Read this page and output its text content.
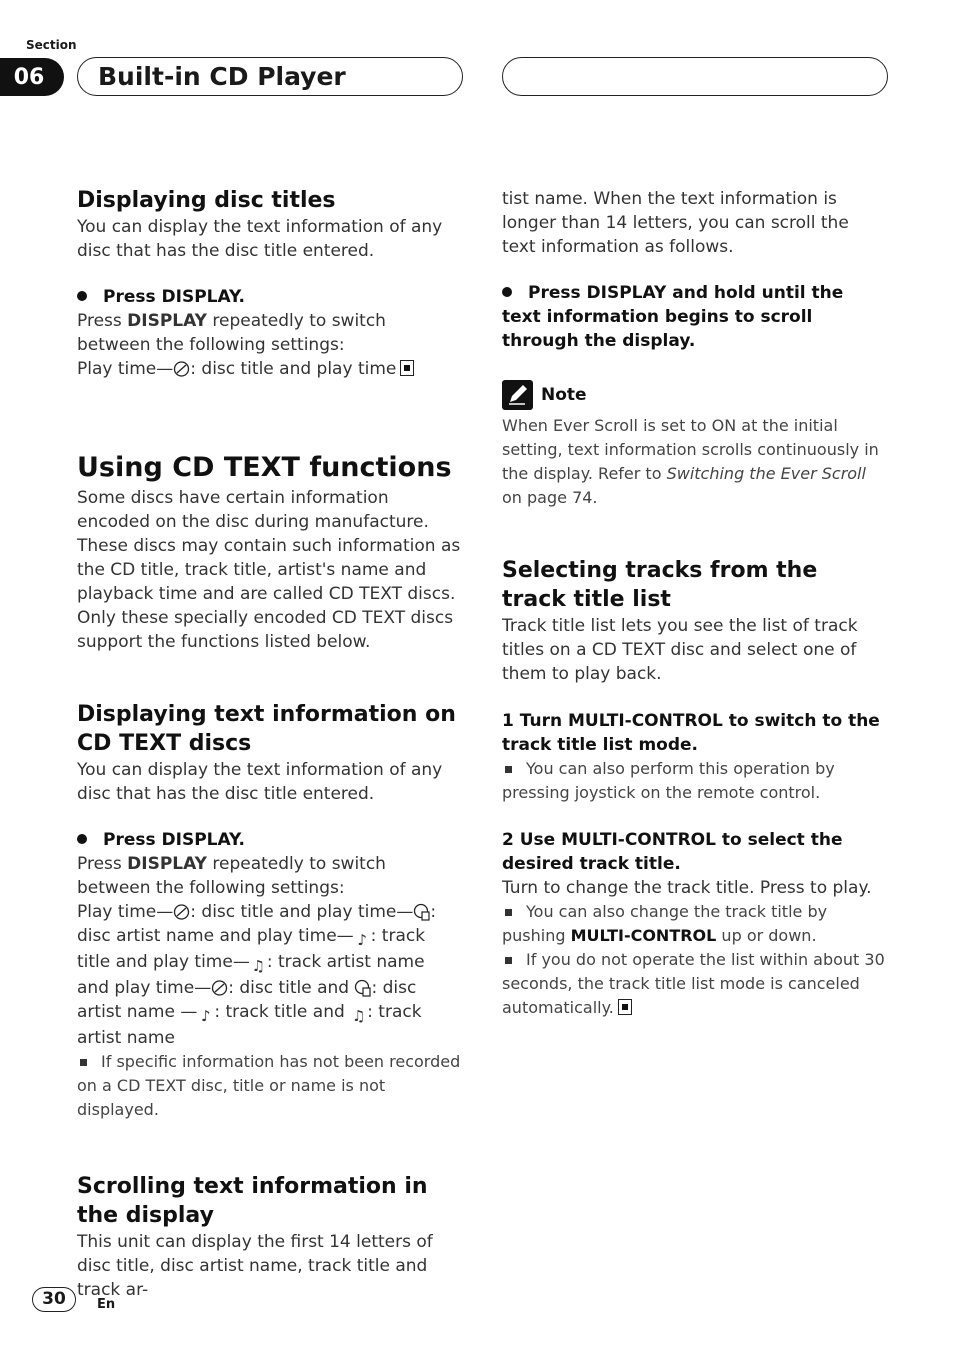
Section
06	Built-in CD Player
Displaying disc titles

You can display the text information of any disc that has the disc title entered.

Press DISPLAY.

Press DISPLAY repeatedly to switch between the following settings:

Play time— : disc title and play time

Using CD TEXT functions

Some discs have certain information encoded on the disc during manufacture. These discs may contain such information as the CD title, track title, artist's name and playback time and are called CD TEXT discs. Only these specially encoded CD TEXT discs support the functions listed below.

Displaying text information on CD TEXT discs

You can display the text information of any disc that has the disc title entered.

Press DISPLAY.

Press DISPLAY repeatedly to switch between the following settings:

Play time— : disc title and play time— : disc artist name and play time— ♪ : track title and play time— ♫ : track artist name and play time— : disc title and
: disc artist name — ♪ : track title and ♫ : track artist name

If specific information has not been recorded on a CD TEXT disc, title or name is not displayed.

Scrolling text information in the display

This unit can display the first 14 letters of disc title, disc artist name, track title and track ar-

tist name. When the text information is longer than 14 letters, you can scroll the text information as follows.

Press DISPLAY and hold until the text information begins to scroll through the display.

Note

When Ever Scroll is set to ON at the initial setting, text information scrolls continuously in the display. Refer to Switching the Ever Scroll on page 74.

Selecting tracks from the track title list

Track title list lets you see the list of track titles on a CD TEXT disc and select one of them to play back.

1 Turn MULTI-CONTROL to switch to the track title list mode.

You can also perform this operation by pressing joystick on the remote control.

2 Use MULTI-CONTROL to select the desired track title.

Turn to change the track title. Press to play.

You can also change the track title by pushing MULTI-CONTROL up or down.

If you do not operate the list within about 30 seconds, the track title list mode is canceled automatically.

30	En
